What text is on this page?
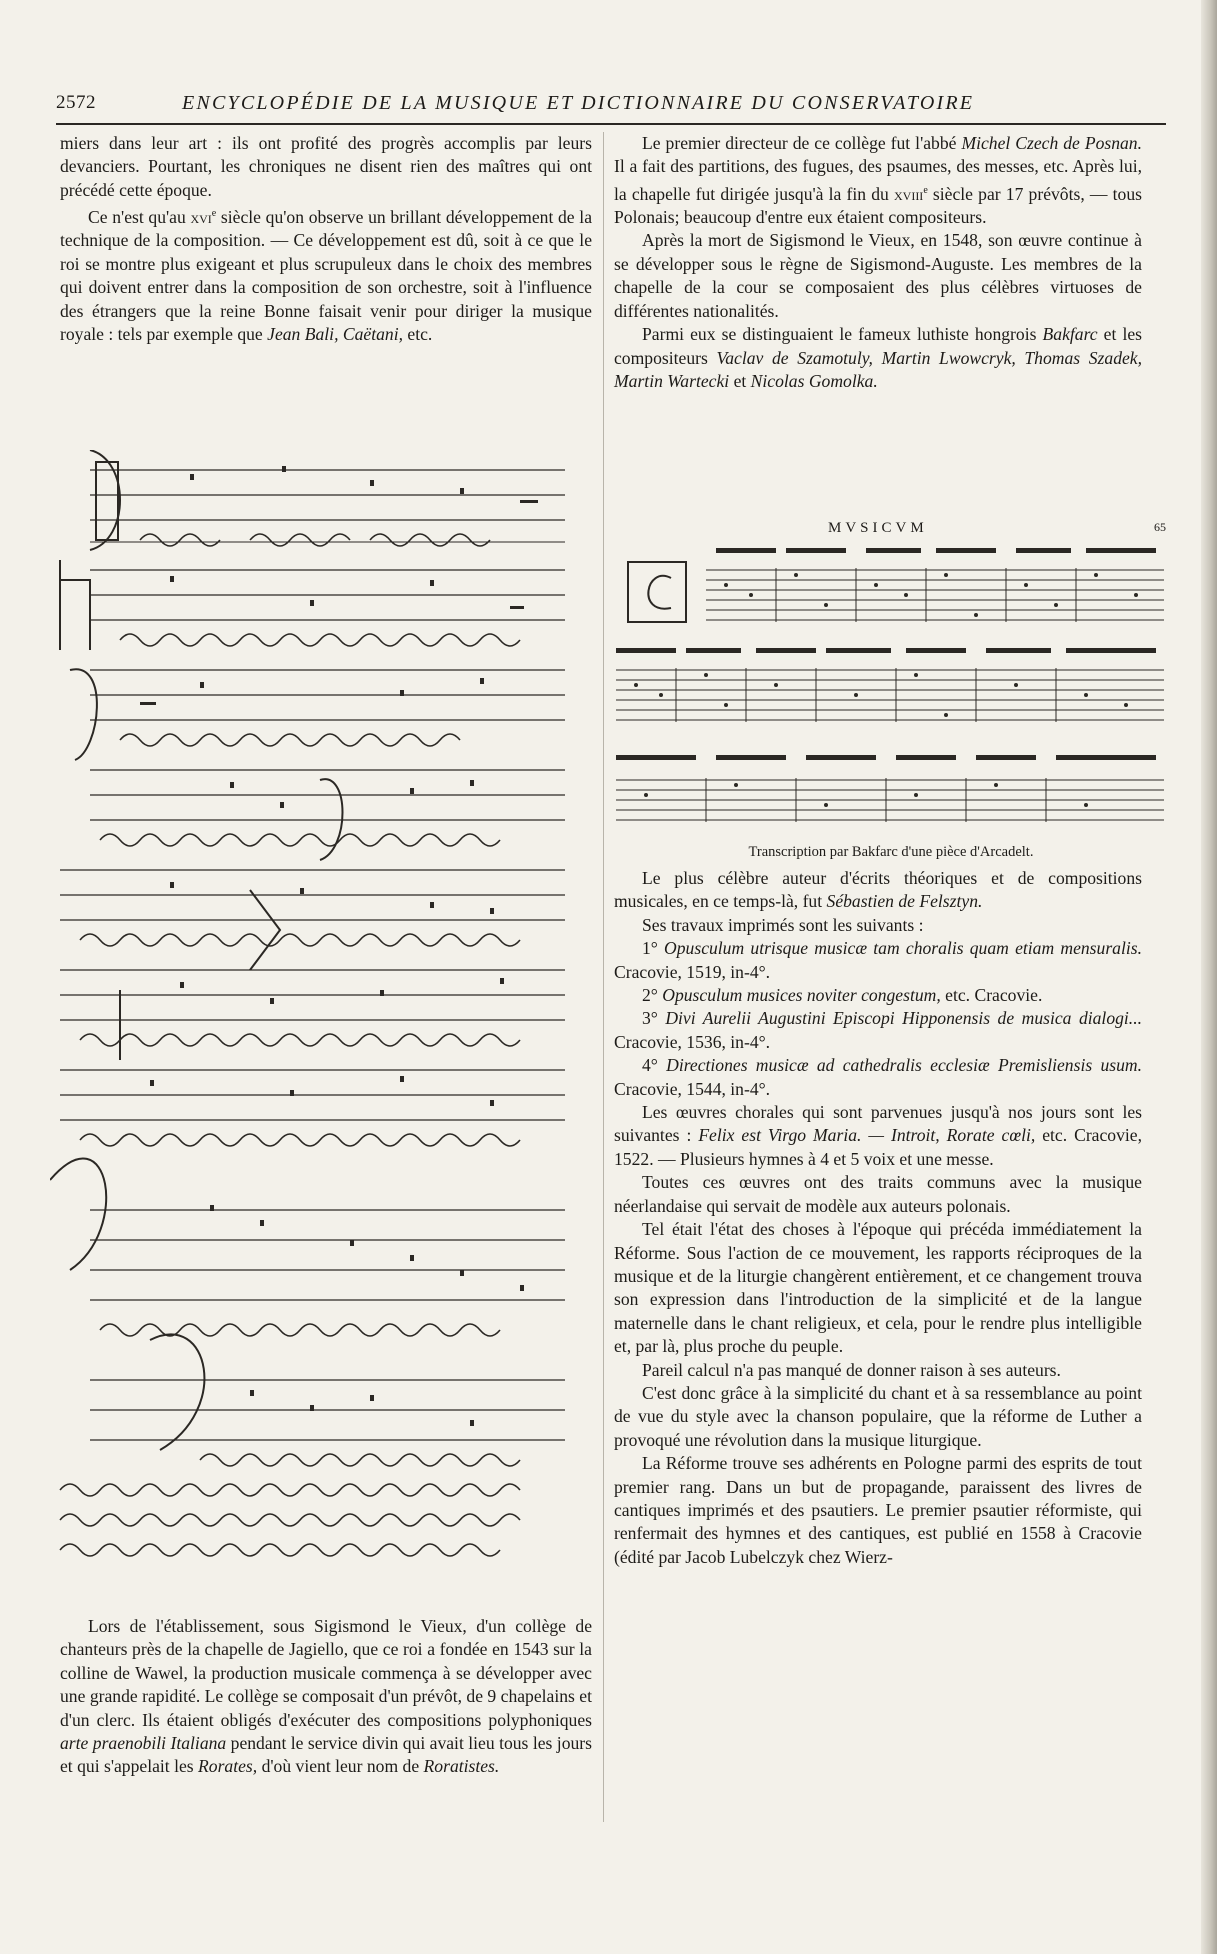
2572	ENCYCLOPÉDIE DE LA MUSIQUE ET DICTIONNAIRE DU CONSERVATOIRE

miers dans leur art : ils ont profité des progrès accomplis par leurs devanciers. Pourtant, les chroniques ne disent rien des maîtres qui ont précédé cette époque.

Ce n'est qu'au xvi$^e$ siècle qu'on observe un brillant développement de la technique de la composition. — Ce développement est dû, soit à ce que le roi se montre plus exigeant et plus scrupuleux dans le choix des membres qui doivent entrer dans la composition de son orchestre, soit à l'influence des étrangers que la reine Bonne faisait venir pour diriger la musique royale : tels par exemple que Jean Bali, Caëtani, etc.

Lors de l'établissement, sous Sigismond le Vieux, d'un collège de chanteurs près de la chapelle de Jagiello, que ce roi a fondée en 1543 sur la colline de Wawel, la production musicale commença à se développer avec une grande rapidité. Le collège se composait d'un prévôt, de 9 chapelains et d'un clerc. Ils étaient obligés d'exécuter des compositions polyphoniques arte praenobili Italiana pendant le service divin qui avait lieu tous les jours et qui s'appelait les Rorates, d'où vient leur nom de Roratistes.

Le premier directeur de ce collège fut l'abbé Michel Czech de Posnan. Il a fait des partitions, des fugues, des psaumes, des messes, etc. Après lui, la chapelle fut dirigée jusqu'à la fin du xviii$^e$ siècle par 17 prévôts, — tous Polonais; beaucoup d'entre eux étaient compositeurs.

Après la mort de Sigismond le Vieux, en 1548, son œuvre continue à se développer sous le règne de Sigismond-Auguste. Les membres de la chapelle de la cour se composaient des plus célèbres virtuoses de différentes nationalités.

Parmi eux se distinguaient le fameux luthiste hongrois Bakfarc et les compositeurs Vaclav de Szamotuly, Martin Lwowcryk, Thomas Szadek, Martin Wartecki et Nicolas Gomolka.

MVSICVM	65
Transcription par Bakfarc d'une pièce d'Arcadelt.

Le plus célèbre auteur d'écrits théoriques et de compositions musicales, en ce temps-là, fut Sébastien de Felsztyn.

Ses travaux imprimés sont les suivants :

1° Opusculum utrisque musicæ tam choralis quam etiam mensuralis. Cracovie, 1519, in-4°.

2° Opusculum musices noviter congestum, etc. Cracovie.

3° Divi Aurelii Augustini Episcopi Hipponensis de musica dialogi... Cracovie, 1536, in-4°.

4° Directiones musicæ ad cathedralis ecclesiæ Premisliensis usum. Cracovie, 1544, in-4°.

Les œuvres chorales qui sont parvenues jusqu'à nos jours sont les suivantes : Felix est Virgo Maria. — Introit, Rorate cœli, etc. Cracovie, 1522. — Plusieurs hymnes à 4 et 5 voix et une messe.

Toutes ces œuvres ont des traits communs avec la musique néerlandaise qui servait de modèle aux auteurs polonais.

Tel était l'état des choses à l'époque qui précéda immédiatement la Réforme. Sous l'action de ce mouvement, les rapports réciproques de la musique et de la liturgie changèrent entièrement, et ce changement trouva son expression dans l'introduction de la simplicité et de la langue maternelle dans le chant religieux, et cela, pour le rendre plus intelligible et, par là, plus proche du peuple.

Pareil calcul n'a pas manqué de donner raison à ses auteurs.

C'est donc grâce à la simplicité du chant et à sa ressemblance au point de vue du style avec la chanson populaire, que la réforme de Luther a provoqué une révolution dans la musique liturgique.

La Réforme trouve ses adhérents en Pologne parmi des esprits de tout premier rang. Dans un but de propagande, paraissent des livres de cantiques imprimés et des psautiers. Le premier psautier réformiste, qui renfermait des hymnes et des cantiques, est publié en 1558 à Cracovie (édité par Jacob Lubelczyk chez Wierz-
